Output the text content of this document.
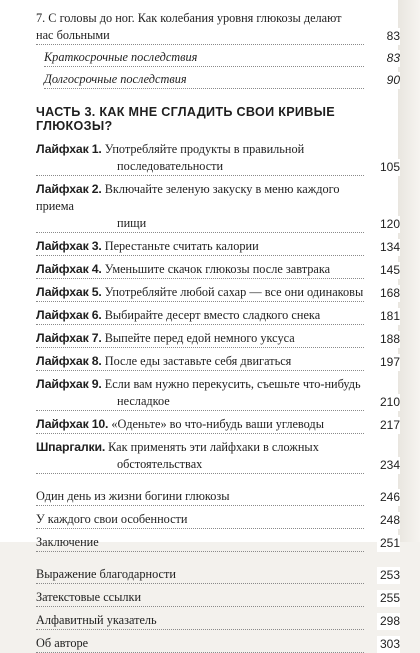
7. С головы до ног. Как колебания уровня глюкозы делают
нас больными	83
Краткосрочные последствия	83
Долгосрочные последствия	90
ЧАСТЬ 3. КАК МНЕ СГЛАДИТЬ СВОИ КРИВЫЕ ГЛЮКОЗЫ?
Лайфхак 1. Употребляйте продукты в правильной
последовательности	105
Лайфхак 2. Включайте зеленую закуску в меню каждого приема
пищи	120
Лайфхак 3. Перестаньте считать калории	134
Лайфхак 4. Уменьшите скачок глюкозы после завтрака	145
Лайфхак 5. Употребляйте любой сахар — все они одинаковы 168
Лайфхак 6. Выбирайте десерт вместо сладкого снека	181
Лайфхак 7. Выпейте перед едой немного уксуса	188
Лайфхак 8. После еды заставьте себя двигаться	197
Лайфхак 9. Если вам нужно перекусить, съешьте что-нибудь
несладкое	210
Лайфхак 10. «Оденьте» во что-нибудь ваши углеводы	217
Шпаргалки. Как применять эти лайфхаки в сложных
обстоятельствах	234
Один день из жизни богини глюкозы	246
У каждого свои особенности	248
Заключение	251
Выражение благодарности	253
Затекстовые ссылки	255
Алфавитный указатель	298
Об авторе	303
